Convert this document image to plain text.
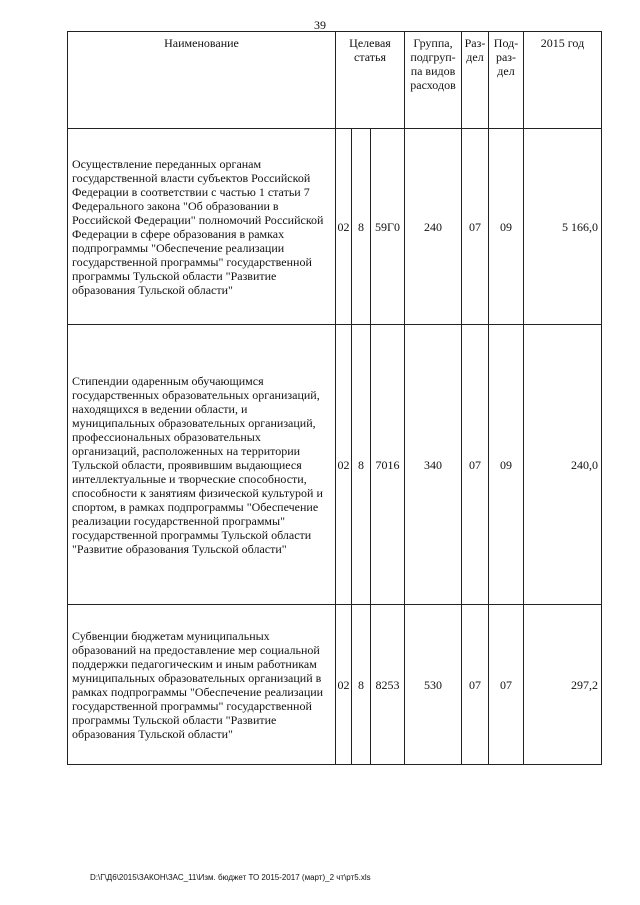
39
Наименование	Целевая статья			Группа, подгруп-па видов расходов	Раз-дел	Под-раз-дел	2015 год
Осуществление переданных органам государственной власти субъектов Российской Федерации в соответствии с частью 1 статьи 7 Федерального закона "Об образовании в Российской Федерации" полномочий Российской Федерации в сфере образования в рамках подпрограммы "Обеспечение реализации государственной программы" государственной программы Тульской области "Развитие образования Тульской области"	02	8	59Г0	240	07	09	5 166,0
Стипендии одаренным обучающимся государственных образовательных организаций, находящихся в ведении области, и муниципальных образовательных организаций, профессиональных образовательных организаций, расположенных на территории Тульской области, проявившим выдающиеся интеллектуальные и творческие способности, способности к занятиям физической культурой и спортом, в рамках подпрограммы "Обеспечение реализации государственной программы" государственной программы Тульской области "Развитие образования Тульской области"	02	8	7016	340	07	09	240,0
Субвенции бюджетам муниципальных образований на предоставление мер социальной поддержки педагогическим и иным работникам муниципальных образовательных организаций в рамках подпрограммы "Обеспечение реализации государственной программы" государственной программы Тульской области "Развитие образования Тульской области"	02	8	8253	530	07	07	297,2
D:\Г\Д6\2015\ЗАКОН\ЗАС_11\Изм. бюджет ТО 2015-2017 (март)_2 чт\рт5.xls
